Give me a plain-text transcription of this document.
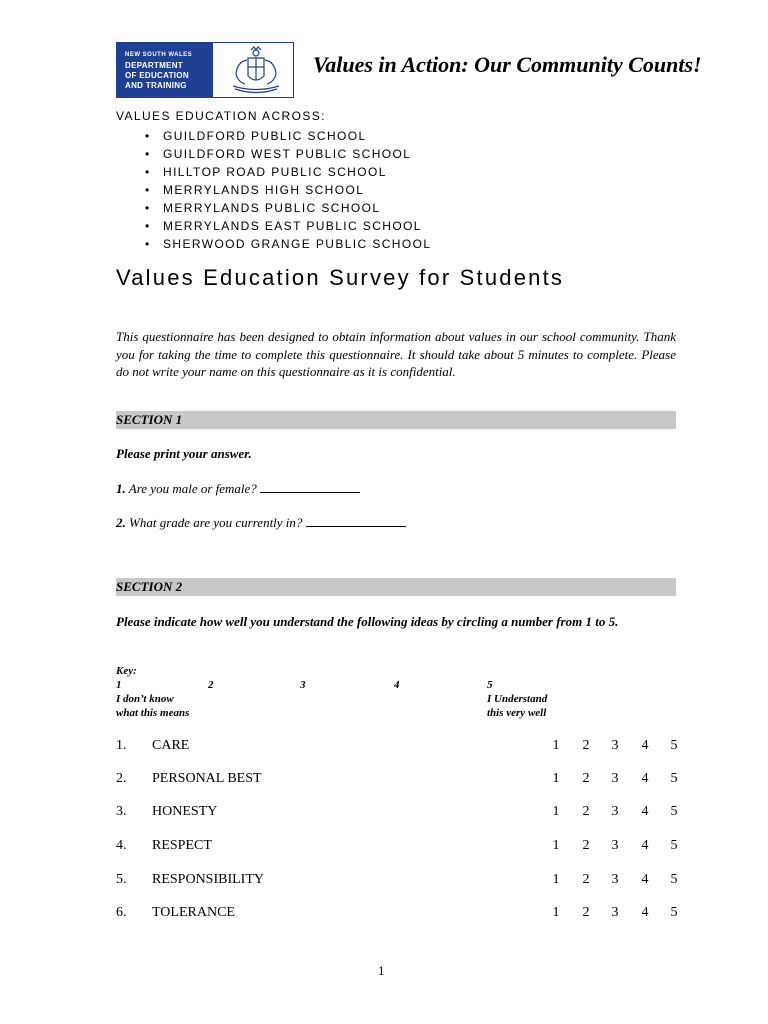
NEW SOUTH WALES
DEPARTMENT
OF EDUCATION
AND TRAINING
Values in Action: Our Community Counts!
VALUES EDUCATION ACROSS:
• GUILDFORD PUBLIC SCHOOL
• GUILDFORD WEST PUBLIC SCHOOL
• HILLTOP ROAD PUBLIC SCHOOL
• MERRYLANDS HIGH SCHOOL
• MERRYLANDS PUBLIC SCHOOL
• MERRYLANDS EAST PUBLIC SCHOOL
• SHERWOOD GRANGE PUBLIC SCHOOL
Values Education Survey for Students
This questionnaire has been designed to obtain information about values in our school community. Thank you for taking the time to complete this questionnaire. It should take about 5 minutes to complete. Please do not write your name on this questionnaire as it is confidential.
SECTION 1
Please print your answer.
1. Are you male or female?
2. What grade are you currently in?
SECTION 2
Please indicate how well you understand the following ideas by circling a number from 1 to 5.
Key:
1	2	3	4	5
I don’t know
what this means
I Understand
this very well
1. CARE	1 2 3 4 5
2. PERSONAL BEST	1 2 3 4 5
3. HONESTY	1 2 3 4 5
4. RESPECT	1 2 3 4 5
5. RESPONSIBILITY	1 2 3 4 5
6. TOLERANCE	1 2 3 4 5
1
